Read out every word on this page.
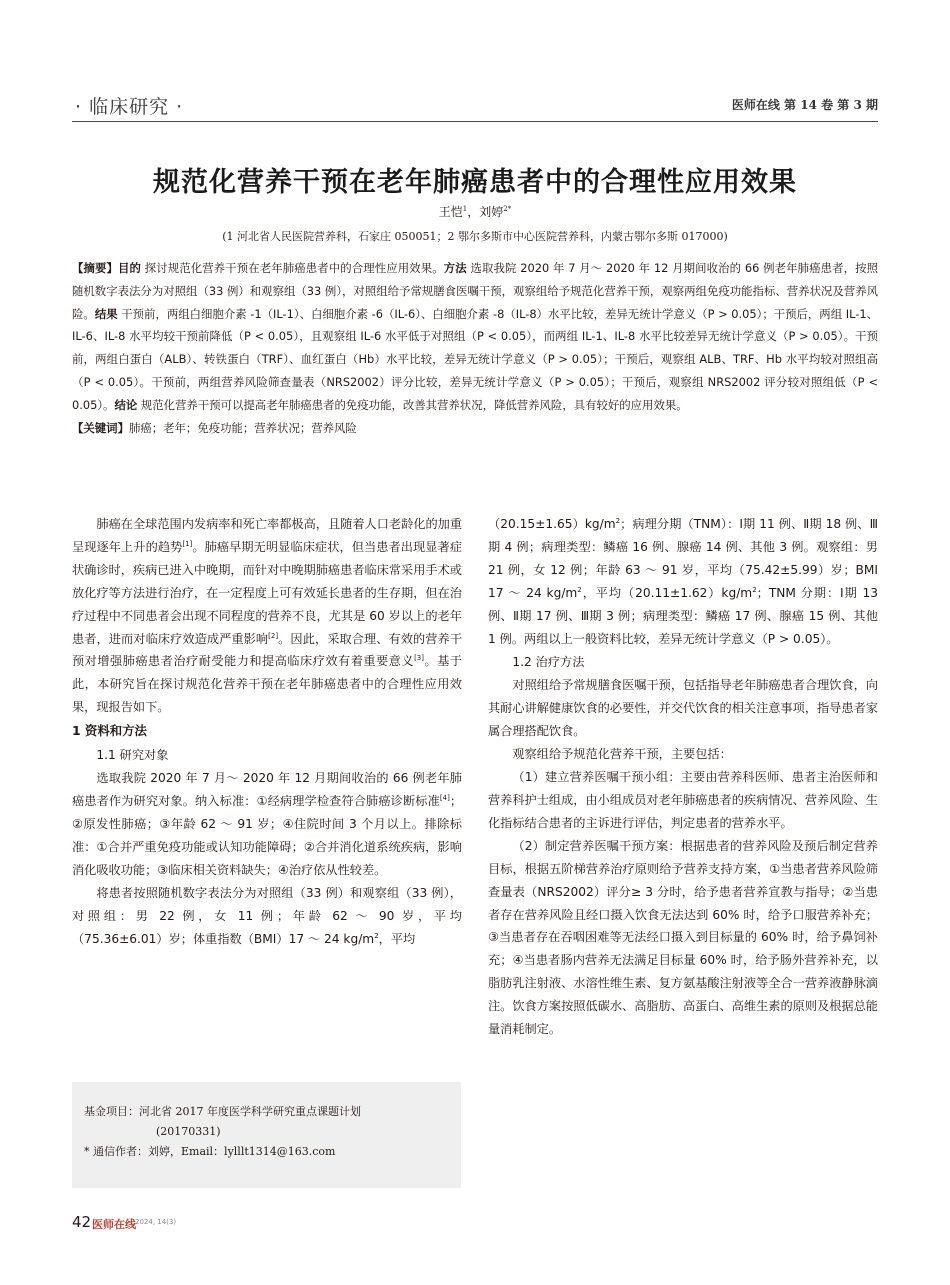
· 临床研究 ·	医师在线 第 14 卷 第 3 期
规范化营养干预在老年肺癌患者中的合理性应用效果
王恺$^1$，刘婷$^{2*}$
(1 河北省人民医院营养科，石家庄 050051；2 鄂尔多斯市中心医院营养科，内蒙古鄂尔多斯 017000)
【摘要】目的 探讨规范化营养干预在老年肺癌患者中的合理性应用效果。方法 选取我院 2020 年 7 月～ 2020 年 12 月期间收治的 66 例老年肺癌患者，按照随机数字表法分为对照组（33 例）和观察组（33 例），对照组给予常规膳食医嘱干预，观察组给予规范化营养干预，观察两组免疫功能指标、营养状况及营养风险。结果 干预前，两组白细胞介素 -1（IL-1）、白细胞介素 -6（IL-6）、白细胞介素 -8（IL-8）水平比较，差异无统计学意义（P > 0.05）；干预后，两组 IL-1、IL-6、IL-8 水平均较干预前降低（P < 0.05），且观察组 IL-6 水平低于对照组（P < 0.05），而两组 IL-1、IL-8 水平比较差异无统计学意义（P > 0.05）。干预前，两组白蛋白（ALB）、转铁蛋白（TRF）、血红蛋白（Hb）水平比较，差异无统计学意义（P > 0.05）；干预后，观察组 ALB、TRF、Hb 水平均较对照组高（P < 0.05）。干预前，两组营养风险筛查量表（NRS2002）评分比较，差异无统计学意义（P > 0.05）；干预后，观察组 NRS2002 评分较对照组低（P < 0.05）。结论 规范化营养干预可以提高老年肺癌患者的免疫功能，改善其营养状况，降低营养风险，具有较好的应用效果。
【关键词】肺癌；老年；免疫功能；营养状况；营养风险

肺癌在全球范围内发病率和死亡率都极高，且随着人口老龄化的加重呈现逐年上升的趋势[1]。肺癌早期无明显临床症状，但当患者出现显著症状确诊时，疾病已进入中晚期，而针对中晚期肺癌患者临床常采用手术或放化疗等方法进行治疗，在一定程度上可有效延长患者的生存期，但在治疗过程中不同患者会出现不同程度的营养不良，尤其是 60 岁以上的老年患者，进而对临床疗效造成严重影响[2]。因此，采取合理、有效的营养干预对增强肺癌患者治疗耐受能力和提高临床疗效有着重要意义[3]。基于此，本研究旨在探讨规范化营养干预在老年肺癌患者中的合理性应用效果，现报告如下。

1 资料和方法
1.1 研究对象

选取我院 2020 年 7 月～ 2020 年 12 月期间收治的 66 例老年肺癌患者作为研究对象。纳入标准：①经病理学检查符合肺癌诊断标准[4]；②原发性肺癌；③年龄 62 ～ 91 岁；④住院时间 3 个月以上。排除标准：①合并严重免疫功能或认知功能障碍；②合并消化道系统疾病，影响消化吸收功能；③临床相关资料缺失；④治疗依从性较差。

将患者按照随机数字表法分为对照组（33 例）和观察组（33 例），对照组：男 22 例，女 11 例；年龄 62 ～ 90 岁，平均（75.36±6.01）岁；体重指数（BMI）17 ～ 24 $kg/m^2$，平均

$(20.15\pm 1.65)kg/m^2$；病理分期（TNM）：Ⅰ期 11 例、Ⅱ期 18 例、Ⅲ期 4 例；病理类型：鳞癌 16 例、腺癌 14 例、其他 3 例。观察组：男 21 例，女 12 例；年龄 63 ～ 91 岁，平均（75.42±5.99）岁；BMI 17 ～ 24 $kg/m^2$，平均$(20.11\pm 1.62)kg/m^2$；TNM 分期：Ⅰ期 13 例、Ⅱ期 17 例、Ⅲ期 3 例；病理类型：鳞癌 17 例、腺癌 15 例、其他 1 例。两组以上一般资料比较，差异无统计学意义（P > 0.05）。

1.2 治疗方法

对照组给予常规膳食医嘱干预，包括指导老年肺癌患者合理饮食，向其耐心讲解健康饮食的必要性，并交代饮食的相关注意事项，指导患者家属合理搭配饮食。

观察组给予规范化营养干预，主要包括：

（1）建立营养医嘱干预小组：主要由营养科医师、患者主治医师和营养科护士组成，由小组成员对老年肺癌患者的疾病情况、营养风险、生化指标结合患者的主诉进行评估，判定患者的营养水平。

（2）制定营养医嘱干预方案：根据患者的营养风险及预后制定营养目标，根据五阶梯营养治疗原则给予营养支持方案，①当患者营养风险筛查量表（NRS2002）评分≥ 3 分时，给予患者营养宣教与指导；②当患者存在营养风险且经口摄入饮食无法达到 60% 时，给予口服营养补充；③当患者存在吞咽困难等无法经口摄入到目标量的 60% 时，给予鼻饲补充；④当患者肠内营养无法满足目标量 60% 时，给予肠外营养补充，以脂肪乳注射液、水溶性维生素、复方氨基酸注射液等全合一营养液静脉滴注。饮食方案按照低碳水、高脂肪、高蛋白、高维生素的原则及根据总能量消耗制定。

基金项目：河北省 2017 年度医学科学研究重点课题计划
(20170331)
* 通信作者：刘婷，Email：lylllt1314@163.com
42 医师在线 2024, 14(3)
